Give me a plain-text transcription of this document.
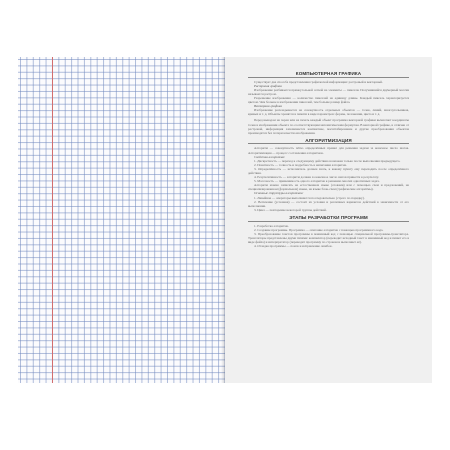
КОМПЬЮТЕРНАЯ ГРАФИКА

Существует два способа представления графической информации: растровый и векторный.

Растровая графика

Изображение разбивается прямоугольной сеткой на элементы — пиксели. Получившийся двумерный массив называется растром.

Разрешение изображения — количество пикселей на единицу длины. Каждый пиксель характеризуется цветом. Чем больше в изображении пикселей, тем больше размер файла.

Векторная графика

Изображение раскладывается на совокупность отдельных объектов — точек, линий, многоугольников, кривых и т. д. Объекты хранятся в памяти в виде параметров: формы, положения, цвета и т. д.

Перед выводом на экран или на печать каждый объект программа векторной графики вычисляет координаты точек в изображении объекта по соответствующим математическим формулам. В векторной графике, в отличие от растровой, информация запоминается компактнее, масштабирование и другие преобразования объектов производятся без потери качества изображения.

АЛГОРИТМИЗАЦИЯ

Алгоритм — совокупность чётко определённых правил для решения задачи за конечное число шагов. Алгоритмизация — процесс составления алгоритмов.

Свойства алгоритма:

1. Дискретность — переход к следующему действию возможен только после выполнения предыдущего.

2. Понятность — точность и подробность в написании алгоритма.

3. Определённость — исполнитель должен знать, к какому пункту ему переходить после определённого действия.

4. Результативность — алгоритм должен за конечное число шагов привести к результату.

5. Массовость — применимость одного алгоритма к решению многих однотипных задач.

Алгоритм можно записать на естественном языке (словами) или с помощью схем и предложений, на специализированном (формальном) языке, на языке блок-схем (графические алгоритмы).

Основные структуры алгоритмов:

1. Линейная — операторы выполняются последовательно (строго по порядку).

2. Ветвление (условная) — состоит из условия и различных вариантов действий в зависимости от его выполнения.

3. Цикл — повторение некоторой группы действий.

ЭТАПЫ РАЗРАБОТКИ ПРОГРАММ

1. Разработка алгоритма.

2. Создание программы. Программа — описание алгоритма с помощью программного кода.

3. Преобразование текстов программы в машинный код с помощью специальной программы-транслятора. Трансляторы представлены двумя типами: компилятор (переводит исходный текст в машинный код и пишет его в виде файла) и интерпретатор (переводит программу по строкам и выполняет её).

4. Отладка программы — поиск и исправление ошибок.
